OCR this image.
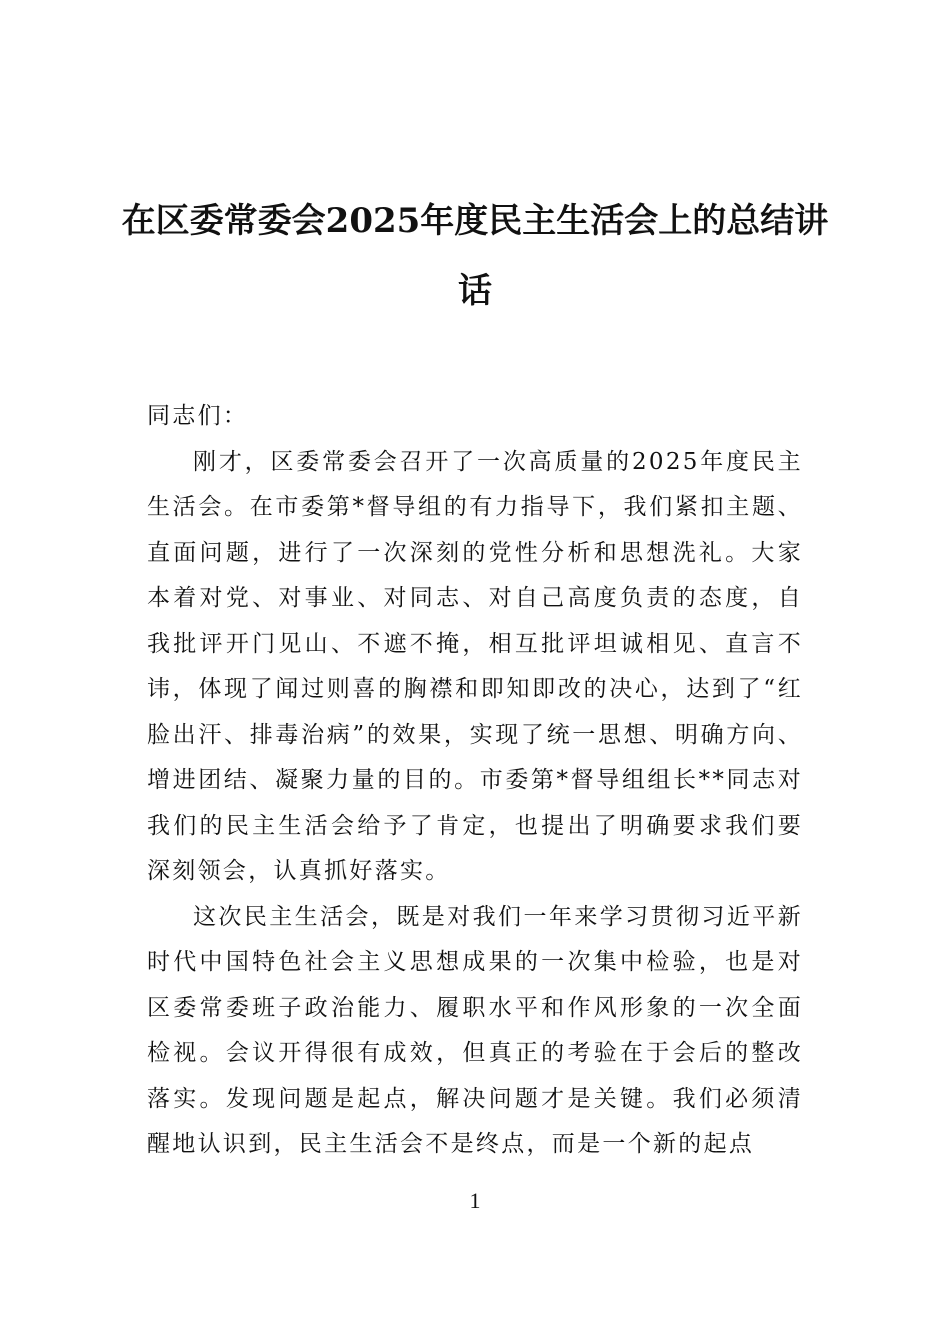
在区委常委会2025年度民主生活会上的总结讲话

同志们：

刚才，区委常委会召开了一次高质量的2025年度民主生活会。在市委第*督导组的有力指导下，我们紧扣主题、直面问题，进行了一次深刻的党性分析和思想洗礼。大家本着对党、对事业、对同志、对自己高度负责的态度，自我批评开门见山、不遮不掩，相互批评坦诚相见、直言不讳，体现了闻过则喜的胸襟和即知即改的决心，达到了“红脸出汗、排毒治病”的效果，实现了统一思想、明确方向、增进团结、凝聚力量的目的。市委第*督导组组长**同志对我们的民主生活会给予了肯定，也提出了明确要求我们要深刻领会，认真抓好落实。

这次民主生活会，既是对我们一年来学习贯彻习近平新时代中国特色社会主义思想成果的一次集中检验，也是对区委常委班子政治能力、履职水平和作风形象的一次全面检视。会议开得很有成效，但真正的考验在于会后的整改落实。发现问题是起点，解决问题才是关键。我们必须清醒地认识到，民主生活会不是终点，而是一个新的起点

1
